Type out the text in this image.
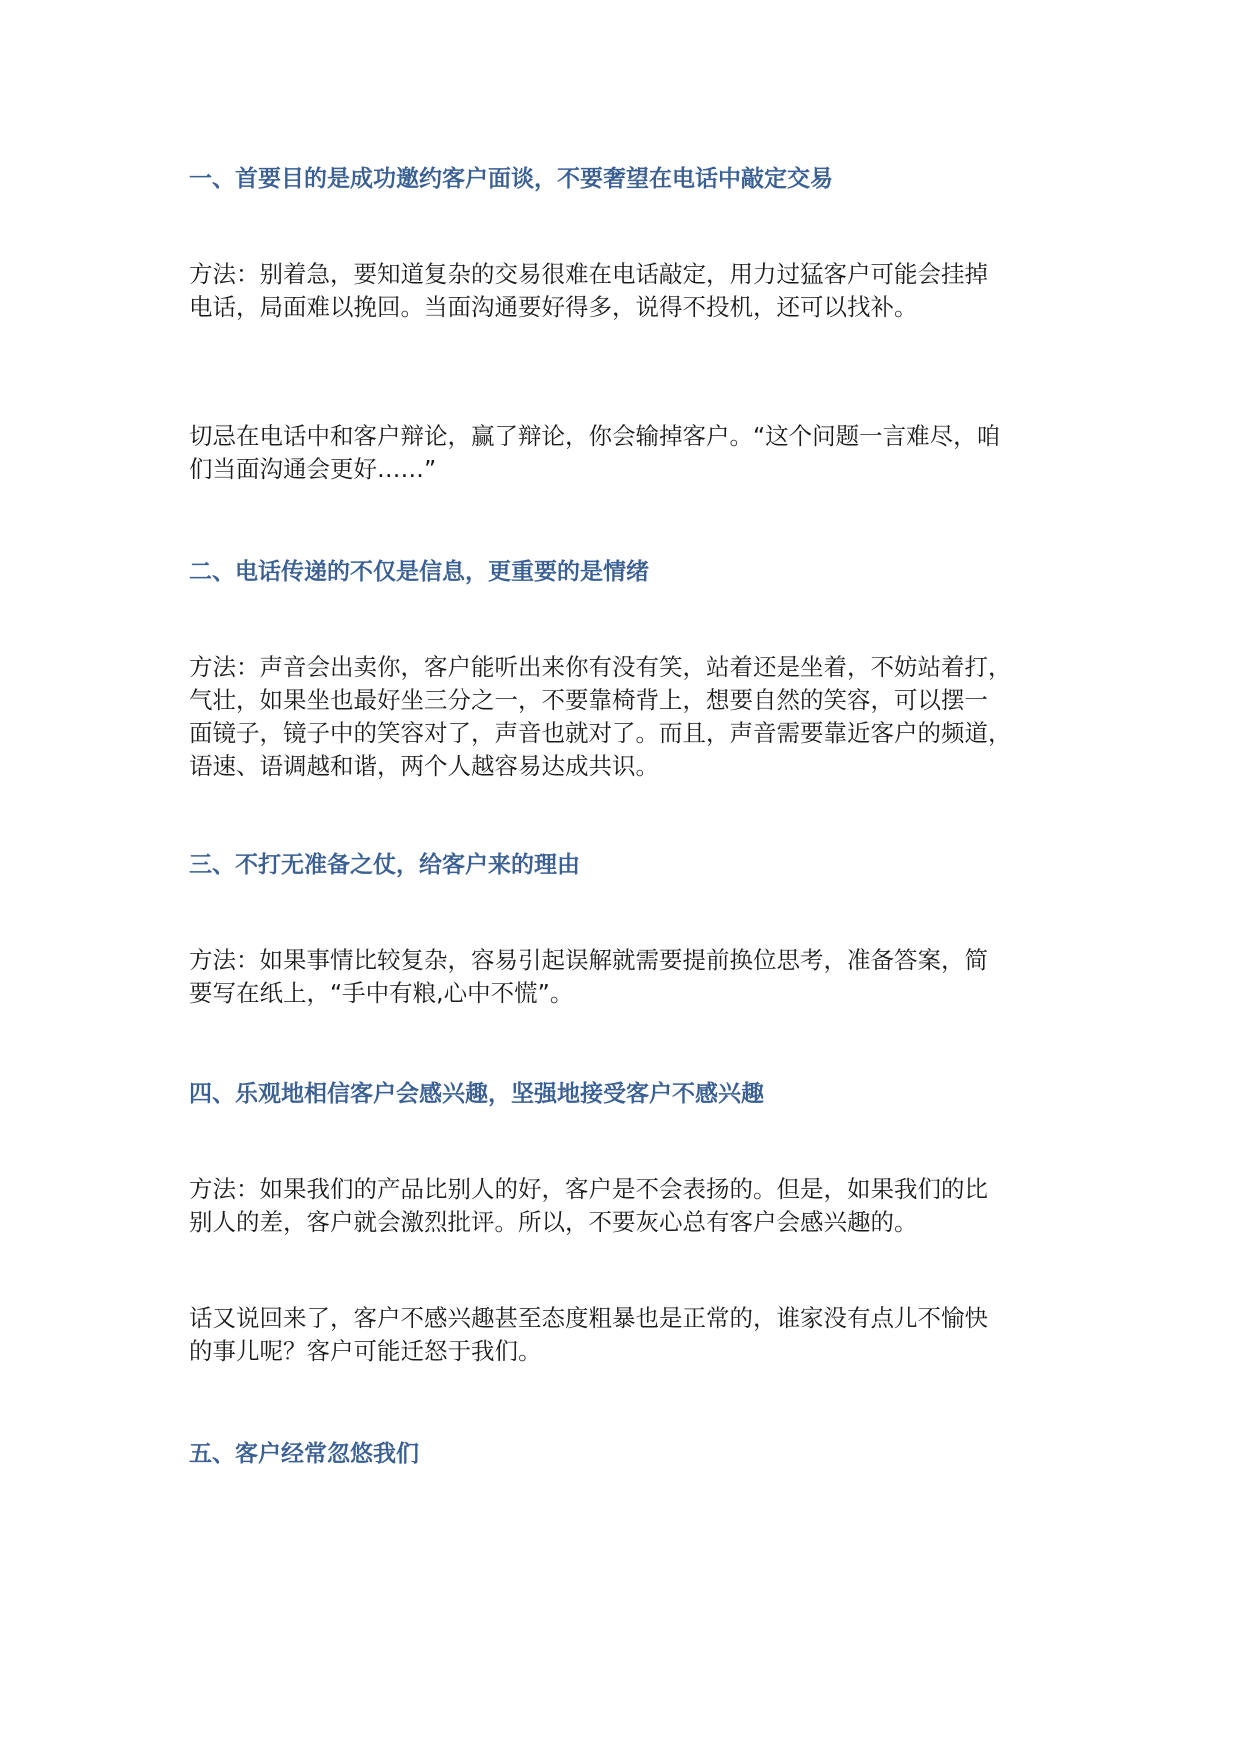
一、首要目的是成功邀约客户面谈，不要奢望在电话中敲定交易

方法：别着急，要知道复杂的交易很难在电话敲定，用力过猛客户可能会挂掉
电话，局面难以挽回。当面沟通要好得多，说得不投机，还可以找补。

切忌在电话中和客户辩论，赢了辩论，你会输掉客户。“这个问题一言难尽，咱
们当面沟通会更好……”

二、电话传递的不仅是信息，更重要的是情绪

方法：声音会出卖你，客户能听出来你有没有笑，站着还是坐着，不妨站着打，
气壮，如果坐也最好坐三分之一，不要靠椅背上，想要自然的笑容，可以摆一
面镜子，镜子中的笑容对了，声音也就对了。而且，声音需要靠近客户的频道，
语速、语调越和谐，两个人越容易达成共识。

三、不打无准备之仗，给客户来的理由

方法：如果事情比较复杂，容易引起误解就需要提前换位思考，准备答案，简
要写在纸上，“手中有粮,心中不慌”。

四、乐观地相信客户会感兴趣，坚强地接受客户不感兴趣

方法：如果我们的产品比别人的好，客户是不会表扬的。但是，如果我们的比
别人的差，客户就会激烈批评。所以，不要灰心总有客户会感兴趣的。

话又说回来了，客户不感兴趣甚至态度粗暴也是正常的，谁家没有点儿不愉快
的事儿呢？客户可能迁怒于我们。

五、客户经常忽悠我们
